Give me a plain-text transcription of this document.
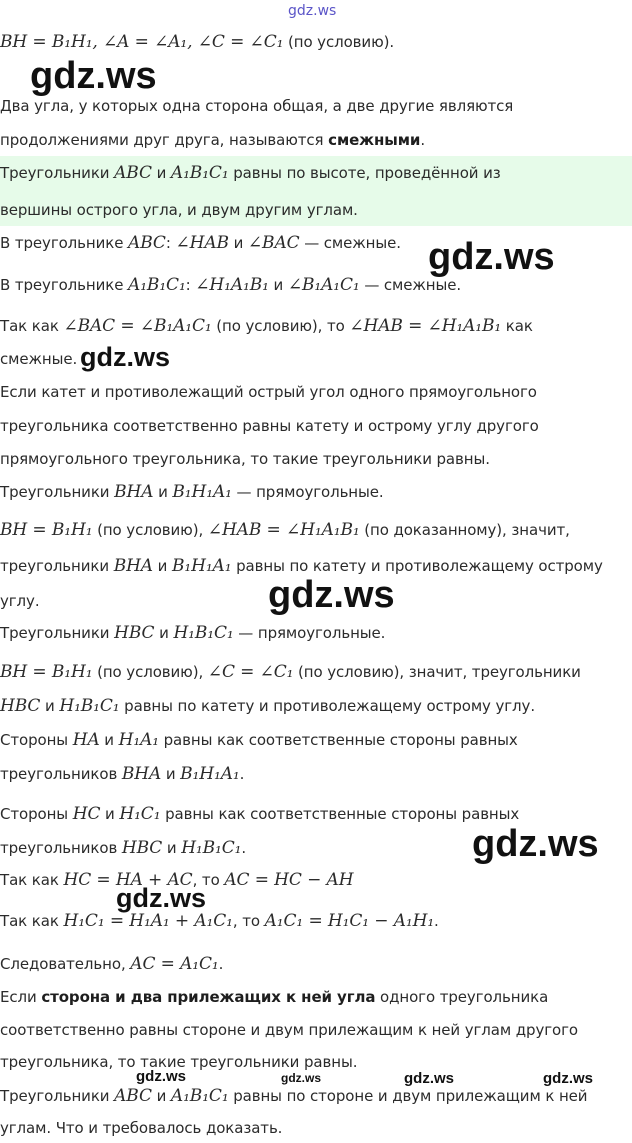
gdz.ws
BH = B₁H₁, ∠A = ∠A₁, ∠C = ∠C₁ (по условию).
Два угла, у которых одна сторона общая, а две другие являются
продолжениями друг друга, называются смежными.
Треугольники ABC и A₁B₁C₁ равны по высоте, проведённой из
вершины острого угла, и двум другим углам.
В треугольнике ABC: ∠HAB и ∠BAC — смежные.
В треугольнике A₁B₁C₁: ∠H₁A₁B₁ и ∠B₁A₁C₁ — смежные.
Так как ∠BAC = ∠B₁A₁C₁ (по условию), то ∠HAB = ∠H₁A₁B₁ как
смежные.
Если катет и противолежащий острый угол одного прямоугольного
треугольника соответственно равны катету и острому углу другого
прямоугольного треугольника, то такие треугольники равны.
Треугольники BHA и B₁H₁A₁ — прямоугольные.
BH = B₁H₁ (по условию), ∠HAB = ∠H₁A₁B₁ (по доказанному), значит,
треугольники BHA и B₁H₁A₁ равны по катету и противолежащему острому
углу.
Треугольники HBC и H₁B₁C₁ — прямоугольные.
BH = B₁H₁ (по условию), ∠C = ∠C₁ (по условию), значит, треугольники
HBC и H₁B₁C₁ равны по катету и противолежащему острому углу.
Стороны HA и H₁A₁ равны как соответственные стороны равных
треугольников BHA и B₁H₁A₁.
Стороны HC и H₁C₁ равны как соответственные стороны равных
треугольников HBC и H₁B₁C₁.
Так как HC = HA + AC, то AC = HC − AH
Так как H₁C₁ = H₁A₁ + A₁C₁, то A₁C₁ = H₁C₁ − A₁H₁.
Следовательно, AC = A₁C₁.
Если сторона и два прилежащих к ней угла одного треугольника
соответственно равны стороне и двум прилежащим к ней углам другого
треугольника, то такие треугольники равны.
Треугольники ABC и A₁B₁C₁ равны по стороне и двум прилежащим к ней
углам. Что и требовалось доказать.
gdz.ws
gdz.ws
gdz.ws
gdz.ws
gdz.ws
gdz.ws
gdz.ws	gdz.ws	gdz.ws	gdz.ws
